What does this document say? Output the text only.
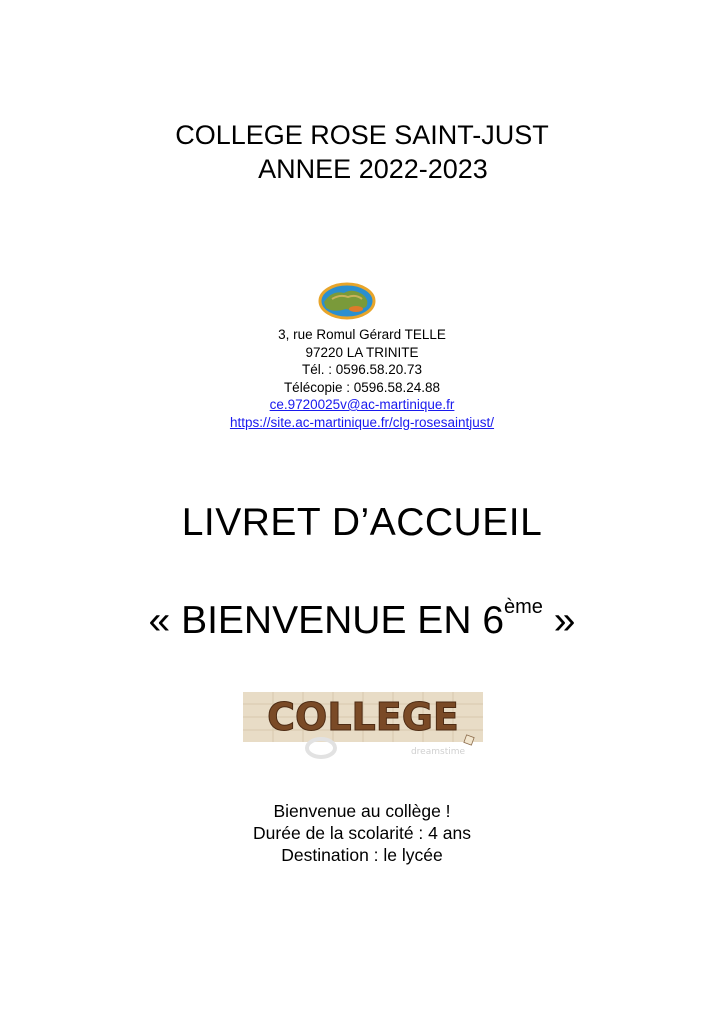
COLLEGE ROSE SAINT-JUST
ANNEE 2022-2023
3, rue Romul Gérard TELLE
97220 LA TRINITE
Tél. : 0596.58.20.73
Télécopie : 0596.58.24.88
ce.9720025v@ac-martinique.fr
https://site.ac-martinique.fr/clg-rosesaintjust/
LIVRET D’ACCUEIL
« BIENVENUE EN 6ème »
COLLEGE
dreamstime
Bienvenue au collège !
Durée de la scolarité : 4 ans
Destination : le lycée
